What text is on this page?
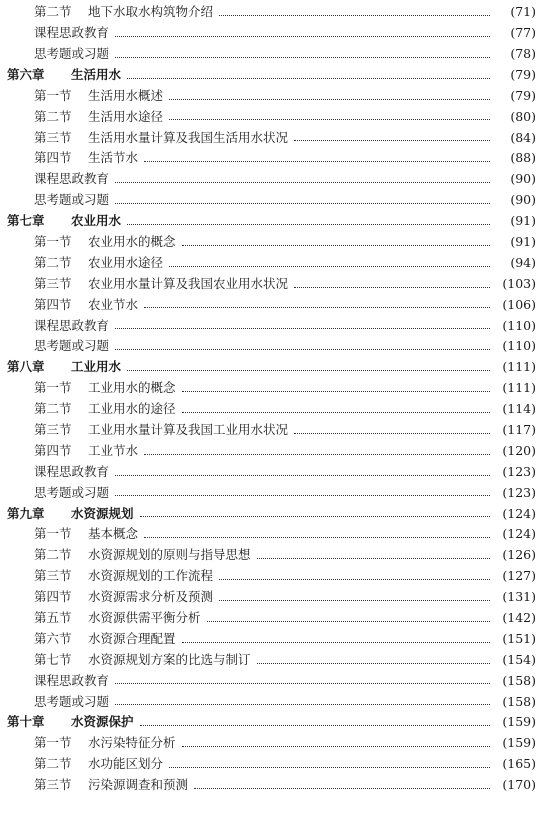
第二节 地下水取水构筑物介绍	(71)
课程思政教育	(77)
思考题或习题	(78)
第六章	生活用水	(79)
第一节 生活用水概述	(79)
第二节 生活用水途径	(80)
第三节 生活用水量计算及我国生活用水状况	(84)
第四节 生活节水	(88)
课程思政教育	(90)
思考题或习题	(90)
第七章	农业用水	(91)
第一节 农业用水的概念	(91)
第二节 农业用水途径	(94)
第三节 农业用水量计算及我国农业用水状况	(103)
第四节 农业节水	(106)
课程思政教育	(110)
思考题或习题	(110)
第八章	工业用水	(111)
第一节 工业用水的概念	(111)
第二节 工业用水的途径	(114)
第三节 工业用水量计算及我国工业用水状况	(117)
第四节 工业节水	(120)
课程思政教育	(123)
思考题或习题	(123)
第九章	水资源规划	(124)
第一节 基本概念	(124)
第二节 水资源规划的原则与指导思想	(126)
第三节 水资源规划的工作流程	(127)
第四节 水资源需求分析及预测	(131)
第五节 水资源供需平衡分析	(142)
第六节 水资源合理配置	(151)
第七节 水资源规划方案的比选与制订	(154)
课程思政教育	(158)
思考题或习题	(158)
第十章	水资源保护	(159)
第一节 水污染特征分析	(159)
第二节 水功能区划分	(165)
第三节 污染源调查和预测	(170)
